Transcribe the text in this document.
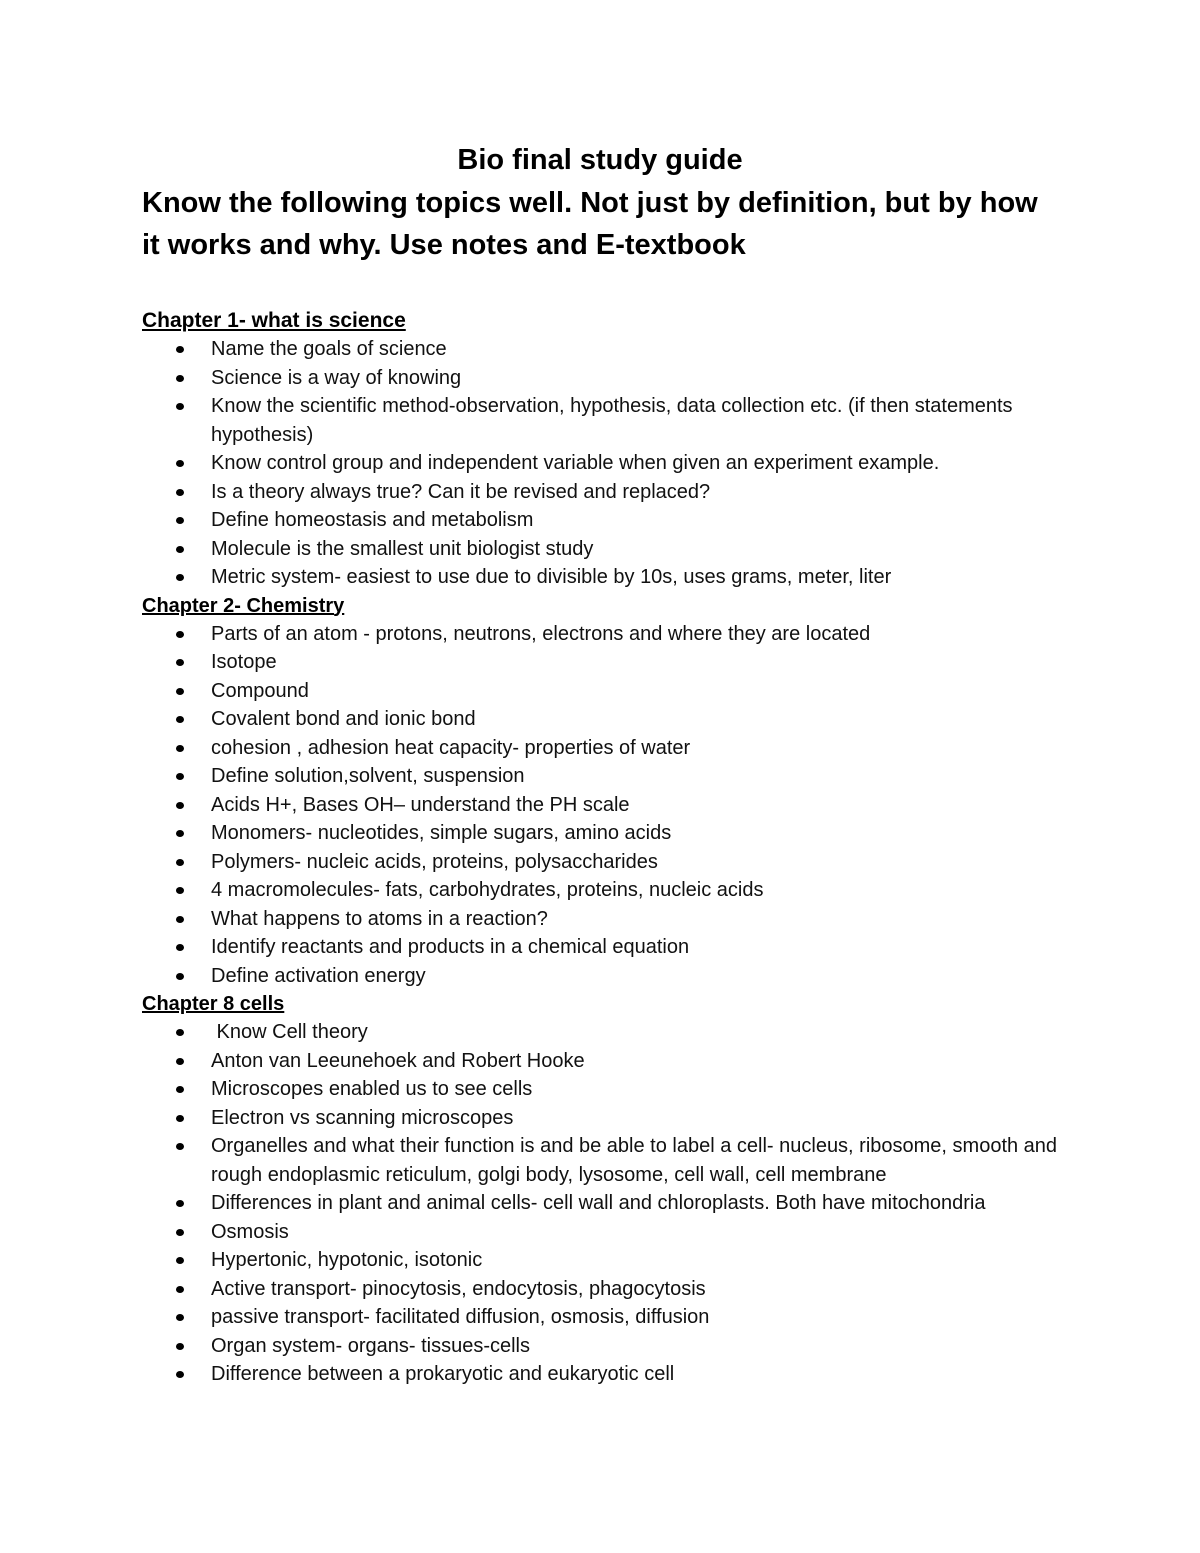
Bio final study guide
Know the following topics well. Not just by definition, but by how it works and why. Use notes and E-textbook
Chapter 1- what is science
Name the goals of science
Science is a way of knowing
Know the scientific method-observation, hypothesis, data collection etc. (if then statements hypothesis)
Know control group and independent variable when given an experiment example.
Is a theory always true? Can it be revised and replaced?
Define homeostasis and metabolism
Molecule is the smallest unit biologist study
Metric system- easiest to use due to divisible by 10s, uses grams, meter, liter
Chapter 2- Chemistry
Parts of an atom - protons, neutrons, electrons and where they are located
Isotope
Compound
Covalent bond and ionic bond
cohesion , adhesion heat capacity- properties of water
Define solution,solvent, suspension
Acids H+, Bases OH– understand the PH scale
Monomers- nucleotides, simple sugars, amino acids
Polymers- nucleic acids, proteins, polysaccharides
4 macromolecules- fats, carbohydrates, proteins, nucleic acids
What happens to atoms in a reaction?
Identify reactants and products in a chemical equation
Define activation energy
Chapter 8 cells
Know Cell theory
Anton van Leeunehoek and Robert Hooke
Microscopes enabled us to see cells
Electron vs scanning microscopes
Organelles and what their function is and be able to label a cell- nucleus, ribosome, smooth and rough endoplasmic reticulum, golgi body, lysosome, cell wall, cell membrane
Differences in plant and animal cells- cell wall and chloroplasts. Both have mitochondria
Osmosis
Hypertonic, hypotonic, isotonic
Active transport- pinocytosis, endocytosis, phagocytosis
passive transport- facilitated diffusion, osmosis, diffusion
Organ system- organs- tissues-cells
Difference between a prokaryotic and eukaryotic cell
